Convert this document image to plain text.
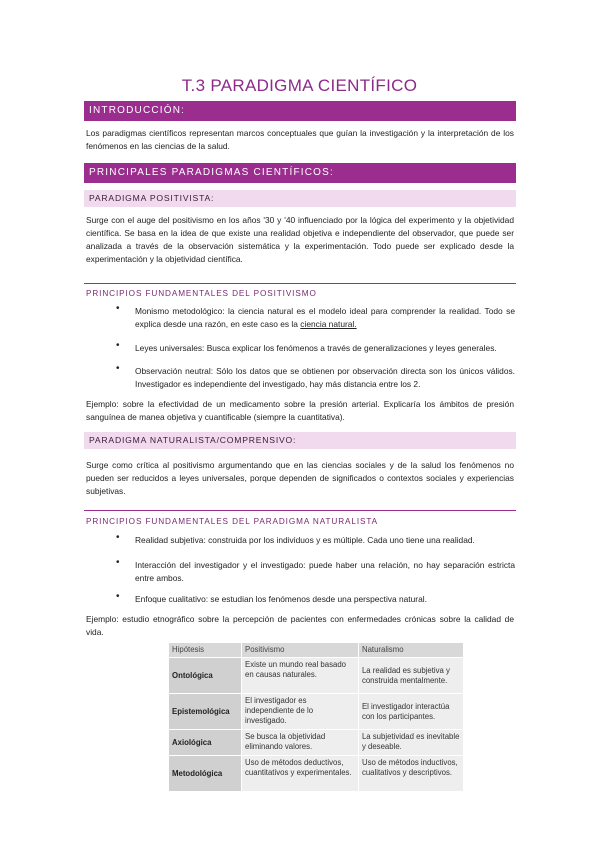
T.3 PARADIGMA CIENTÍFICO
INTRODUCCIÓN:
Los paradigmas científicos representan marcos conceptuales que guían la investigación y la interpretación de los fenómenos en las ciencias de la salud.
PRINCIPALES PARADIGMAS CIENTÍFICOS:
PARADIGMA POSITIVISTA:
Surge con el auge del positivismo en los años '30 y '40 influenciado por la lógica del experimento y la objetividad científica. Se basa en la idea de que existe una realidad objetiva e independiente del observador, que puede ser analizada a través de la observación sistemática y la experimentación. Todo puede ser explicado desde la experimentación y la objetividad científica.
PRINCIPIOS FUNDAMENTALES DEL POSITIVISMO
• Monismo metodológico: la ciencia natural es el modelo ideal para comprender la realidad. Todo se explica desde una razón, en este caso es la ciencia natural.
• Leyes universales: Busca explicar los fenómenos a través de generalizaciones y leyes generales.
• Observación neutral: Sólo los datos que se obtienen por observación directa son los únicos válidos. Investigador es independiente del investigado, hay más distancia entre los 2.
Ejemplo: sobre la efectividad de un medicamento sobre la presión arterial. Explicaría los ámbitos de presión sanguínea de manea objetiva y cuantificable (siempre la cuantitativa).
PARADIGMA NATURALISTA/COMPRENSIVO:
Surge como crítica al positivismo argumentando que en las ciencias sociales y de la salud los fenómenos no pueden ser reducidos a leyes universales, porque dependen de significados o contextos sociales y experiencias subjetivas.
PRINCIPIOS FUNDAMENTALES DEL PARADIGMA NATURALISTA
• Realidad subjetiva: construida por los individuos y es múltiple. Cada uno tiene una realidad.
• Interacción del investigador y el investigado: puede haber una relación, no hay separación estricta entre ambos.
• Enfoque cualitativo: se estudian los fenómenos desde una perspectiva natural.
Ejemplo: estudio etnográfico sobre la percepción de pacientes con enfermedades crónicas sobre la calidad de vida.
Hipótesis	Positivismo	Naturalismo
Ontológica	Existe un mundo real basado en causas naturales.	La realidad es subjetiva y construida mentalmente.
Epistemológica	El investigador es independiente de lo investigado.	El investigador interactúa con los participantes.
Axiológica	Se busca la objetividad eliminando valores.	La subjetividad es inevitable y deseable.
Metodológica	Uso de métodos deductivos, cuantitativos y experimentales.	Uso de métodos inductivos, cualitativos y descriptivos.
